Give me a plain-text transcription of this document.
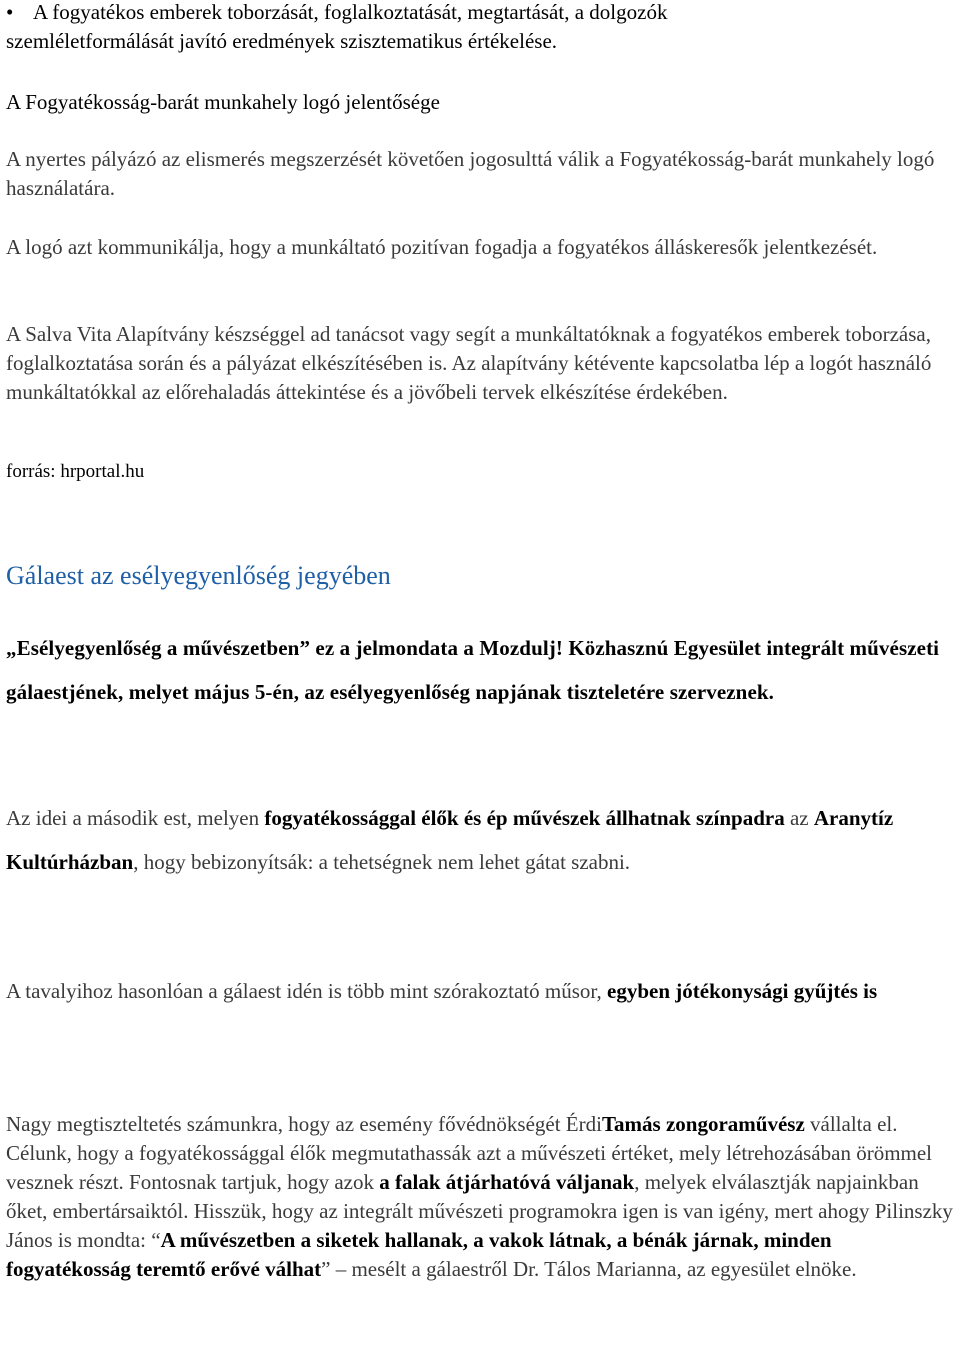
• A fogyatékos emberek toborzását, foglalkoztatását, megtartását, a dolgozók
szemléletformálását javító eredmények szisztematikus értékelése.
A Fogyatékosság-barát munkahely logó jelentősége

A nyertes pályázó az elismerés megszerzését követően jogosulttá válik a Fogyatékosság-barát munkahely logó használatára.

A logó azt kommunikálja, hogy a munkáltató pozitívan fogadja a fogyatékos álláskeresők jelentkezését.

A Salva Vita Alapítvány készséggel ad tanácsot vagy segít a munkáltatóknak a fogyatékos emberek toborzása, foglalkoztatása során és a pályázat elkészítésében is. Az alapítvány kétévente kapcsolatba lép a logót használó munkáltatókkal az előrehaladás áttekintése és a jövőbeli tervek elkészítése érdekében.

forrás: hrportal.hu

Gálaest az esélyegyenlőség jegyében

„Esélyegyenlőség a művészetben” ez a jelmondata a Mozdulj! Közhasznú Egyesület integrált művészeti gálaestjének, melyet május 5-én, az esélyegyenlőség napjának tiszteletére szerveznek.

Az idei a második est, melyen fogyatékossággal élők és ép művészek állhatnak színpadra az Aranytíz Kultúrházban, hogy bebizonyítsák: a tehetségnek nem lehet gátat szabni.

A tavalyihoz hasonlóan a gálaest idén is több mint szórakoztató műsor, egyben jótékonysági gyűjtés is

Nagy megtiszteltetés számunkra, hogy az esemény fővédnökségét ÉrdiTamás zongoraművész vállalta el. Célunk, hogy a fogyatékossággal élők megmutathassák azt a művészeti értéket, mely létrehozásában örömmel vesznek részt. Fontosnak tartjuk, hogy azok a falak átjárhatóvá váljanak, melyek elválasztják napjainkban őket, embertársaiktól. Hisszük, hogy az integrált művészeti programokra igen is van igény, mert ahogy Pilinszky János is mondta: “A művészetben a siketek hallanak, a vakok látnak, a bénák járnak, minden fogyatékosság teremtő erővé válhat” – mesélt a gálaestről Dr. Tálos Marianna, az egyesület elnöke.
